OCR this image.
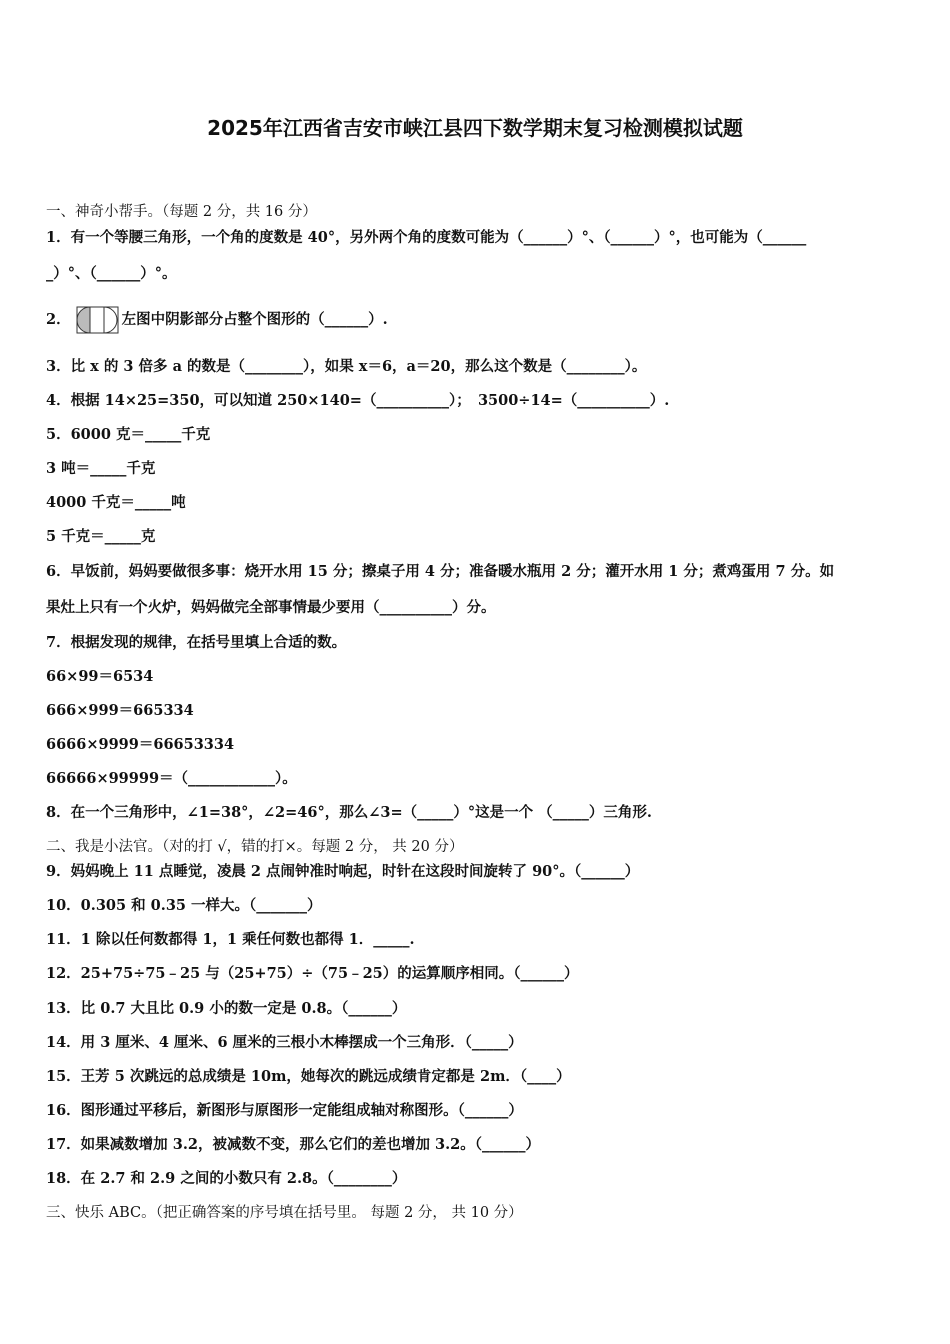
2025年江西省吉安市峡江县四下数学期末复习检测模拟试题
一、神奇小帮手。（每题 2 分，共 16 分）
1．有一个等腰三角形，一个角的度数是 40°，另外两个角的度数可能为（______）°、（______）°，也可能为（______
_）°、（______）°。
2．	左图中阴影部分占整个图形的（______）.
3．比 x 的 3 倍多 a 的数是（________），如果 x＝6，a＝20，那么这个数是（________）。
4．根据 14×25=350，可以知道 250×140=（__________）；　3500÷14=（__________）.
5．6000 克＝_____千克
3 吨＝_____千克
4000 千克＝_____吨
5 千克＝_____克
6．早饭前，妈妈要做很多事：烧开水用 15 分；擦桌子用 4 分；准备暖水瓶用 2 分；灌开水用 1 分；煮鸡蛋用 7 分。如
果灶上只有一个火炉，妈妈做完全部事情最少要用（__________）分。
7．根据发现的规律，在括号里填上合适的数。
66×99＝6534
666×999＝665334
6666×9999＝66653334
66666×99999＝（____________）。
8．在一个三角形中，∠1=38°，∠2=46°，那么∠3=（_____）°这是一个 （_____）三角形.
二、我是小法官。（对的打 √，错的打×。每题 2 分， 共 20 分）
9．妈妈晚上 11 点睡觉，凌晨 2 点闹钟准时响起，时针在这段时间旋转了 90°。（______）
10．0.305 和 0.35 一样大。（_______）
11．1 除以任何数都得 1，1 乘任何数也都得 1．_____.
12．25+75÷75﹣25 与（25+75）÷（75﹣25）的运算顺序相同。（______）
13．比 0.7 大且比 0.9 小的数一定是 0.8。（______）
14．用 3 厘米、4 厘米、6 厘米的三根小木棒摆成一个三角形．（_____）
15．王芳 5 次跳远的总成绩是 10m，她每次的跳远成绩肯定都是 2m．（____）
16．图形通过平移后，新图形与原图形一定能组成轴对称图形。（______）
17．如果减数增加 3.2，被减数不变，那么它们的差也增加 3.2。（______）
18．在 2.7 和 2.9 之间的小数只有 2.8。（________）
三、快乐 ABC。（把正确答案的序号填在括号里。 每题 2 分， 共 10 分）
